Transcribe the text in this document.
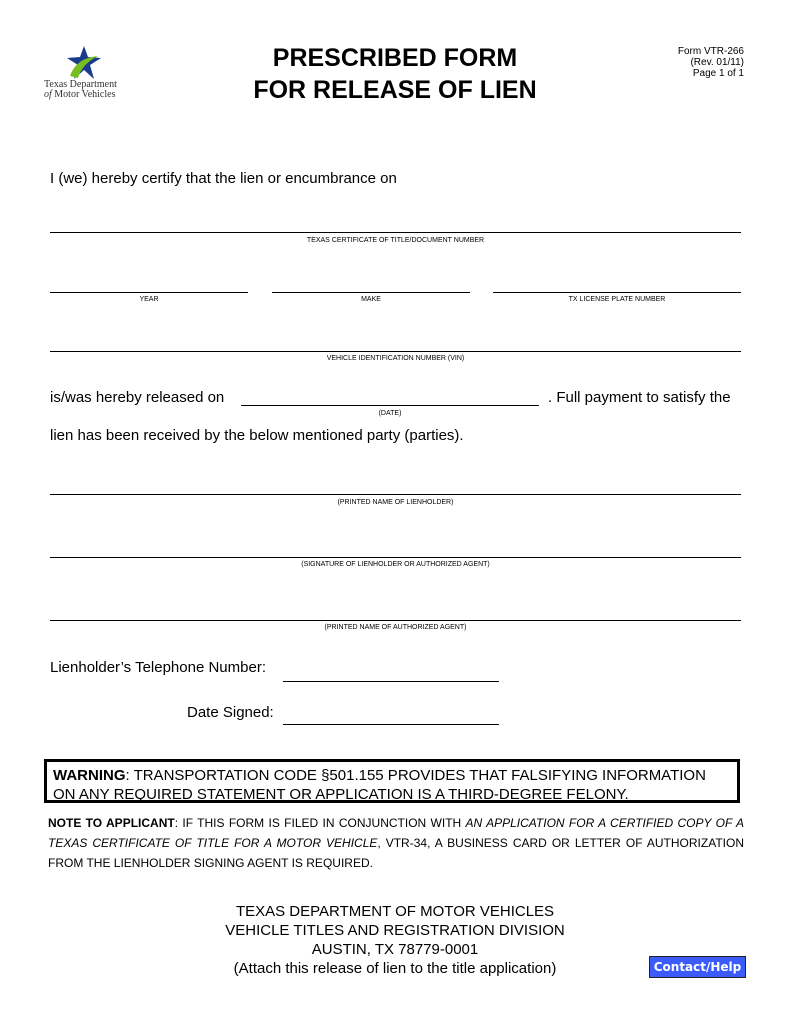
Texas Department
of Motor Vehicles
PRESCRIBED FORM
FOR RELEASE OF LIEN
Form VTR-266
(Rev. 01/11)
Page 1 of 1
I (we) hereby certify that the lien or encumbrance on
TEXAS CERTIFICATE OF TITLE/DOCUMENT NUMBER
YEAR	MAKE	TX LICENSE PLATE NUMBER
VEHICLE IDENTIFICATION NUMBER (VIN)
is/was hereby released on
(DATE)
. Full payment to satisfy the
lien has been received by the below mentioned party (parties).
(PRINTED NAME OF LIENHOLDER)
(SIGNATURE OF LIENHOLDER OR AUTHORIZED AGENT)
(PRINTED NAME OF AUTHORIZED AGENT)
Lienholder’s Telephone Number:
Date Signed:
WARNING: TRANSPORTATION CODE §501.155 PROVIDES THAT FALSIFYING INFORMATION ON ANY REQUIRED STATEMENT OR APPLICATION IS A THIRD-DEGREE FELONY.
NOTE TO APPLICANT: IF THIS FORM IS FILED IN CONJUNCTION WITH AN APPLICATION FOR A CERTIFIED COPY OF A TEXAS CERTIFICATE OF TITLE FOR A MOTOR VEHICLE, VTR-34, A BUSINESS CARD OR LETTER OF AUTHORIZATION FROM THE LIENHOLDER SIGNING AGENT IS REQUIRED.
TEXAS DEPARTMENT OF MOTOR VEHICLES
VEHICLE TITLES AND REGISTRATION DIVISION
AUSTIN, TX 78779-0001
(Attach this release of lien to the title application)	Contact/Help
